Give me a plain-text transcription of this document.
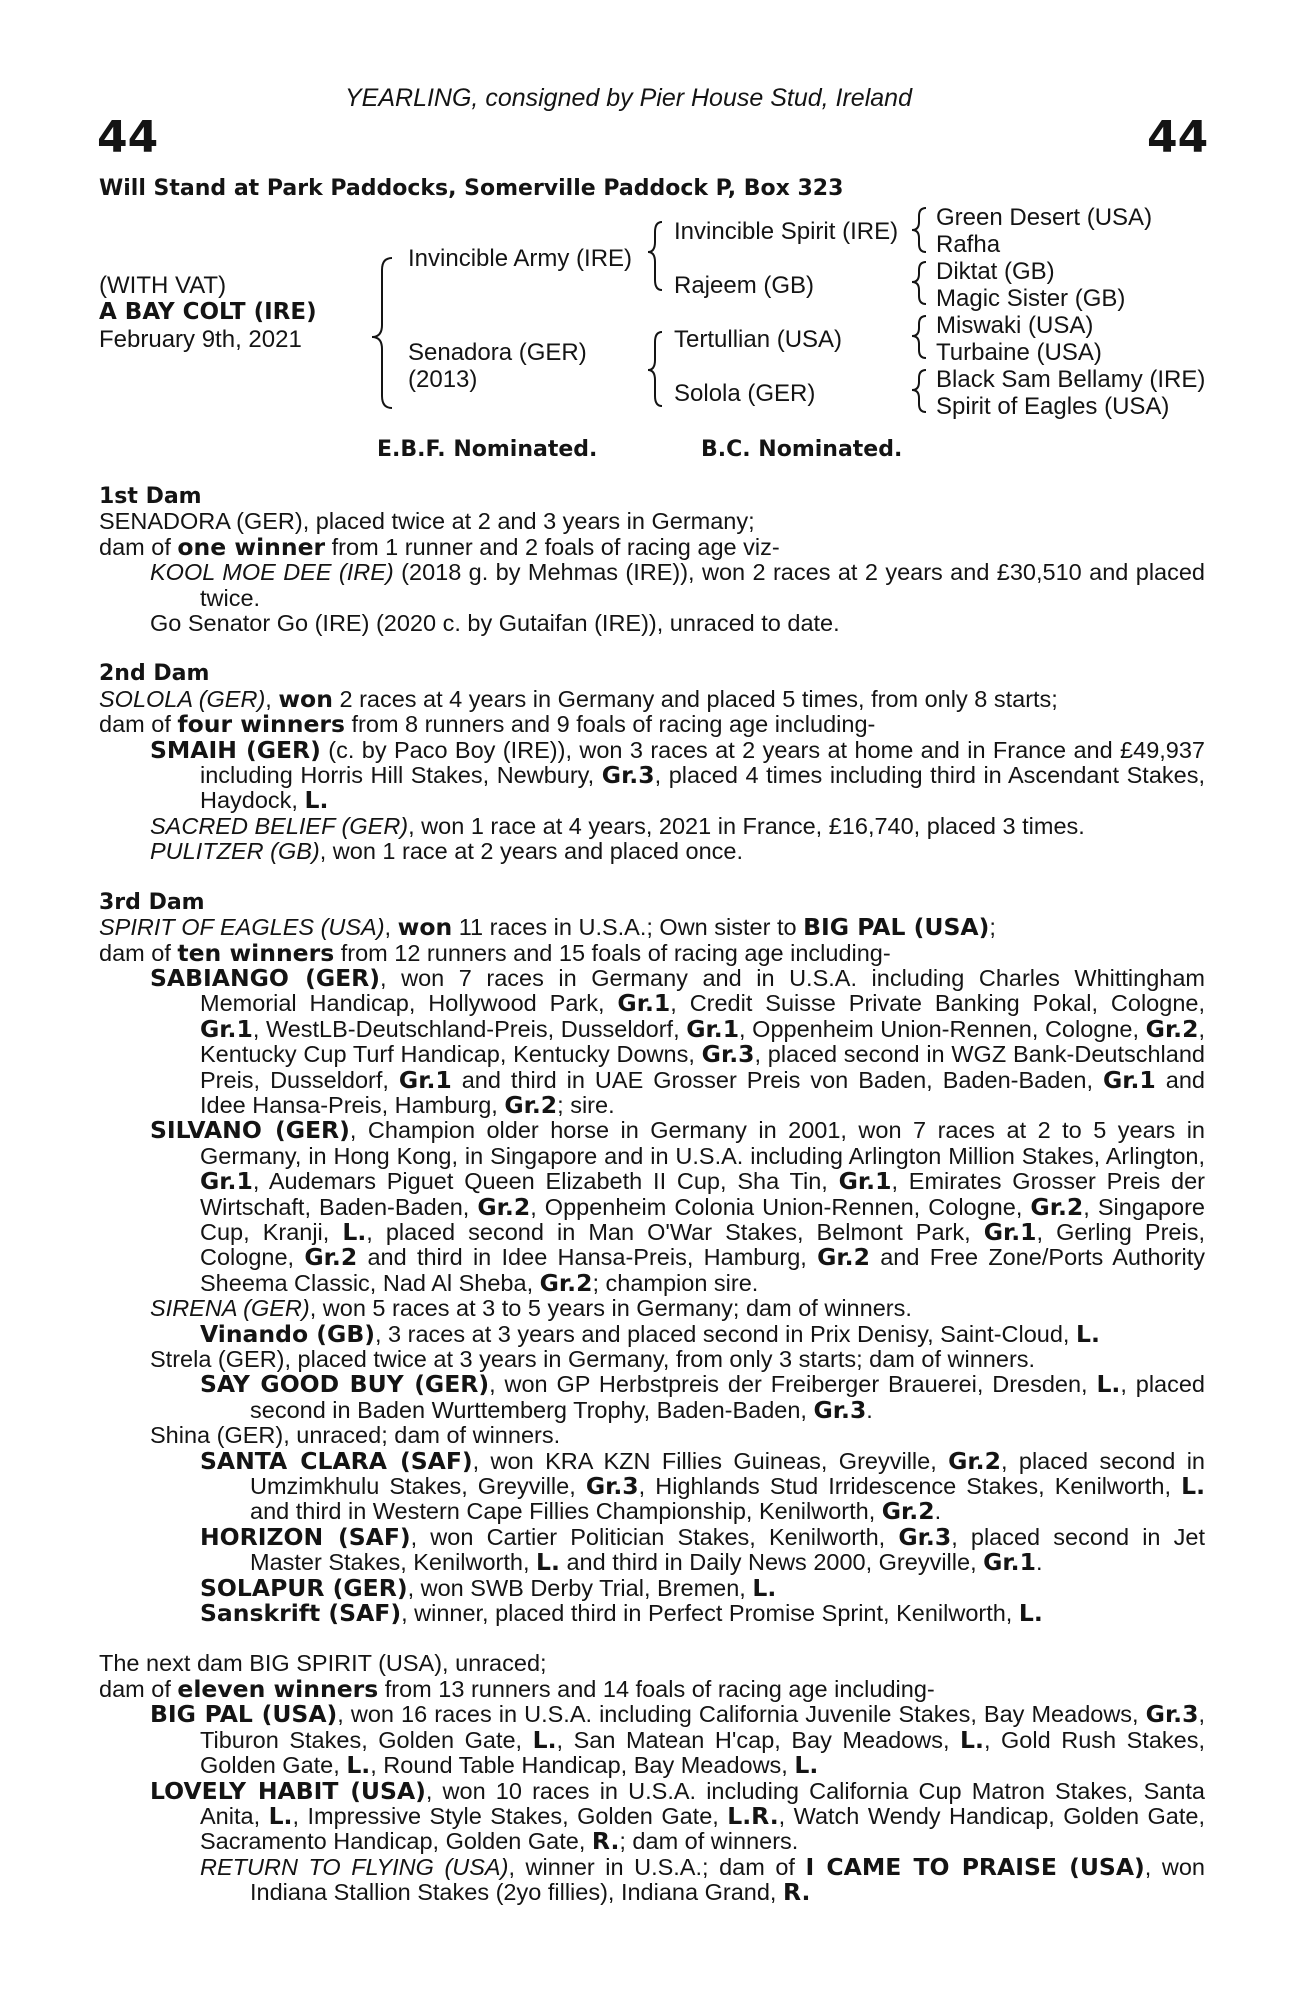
YEARLING, consigned by Pier House Stud, Ireland
44	44
Will Stand at Park Paddocks, Somerville Paddock P, Box 323
(WITH VAT)
A BAY COLT (IRE)
February 9th, 2021
Invincible Army (IRE)
Senadora (GER)
(2013)
Invincible Spirit (IRE)
Rajeem (GB)
Tertullian (USA)
Solola (GER)
Green Desert (USA)
Rafha
Diktat (GB)
Magic Sister (GB)
Miswaki (USA)
Turbaine (USA)
Black Sam Bellamy (IRE)
Spirit of Eagles (USA)
E.B.F. Nominated.	B.C. Nominated.
1st Dam

SENADORA (GER), placed twice at 2 and 3 years in Germany;

dam of one winner from 1 runner and 2 foals of racing age viz-

KOOL MOE DEE (IRE) (2018 g. by Mehmas (IRE)), won 2 races at 2 years and £30,510 and placed twice.

Go Senator Go (IRE) (2020 c. by Gutaifan (IRE)), unraced to date.

2nd Dam

SOLOLA (GER), won 2 races at 4 years in Germany and placed 5 times, from only 8 starts;

dam of four winners from 8 runners and 9 foals of racing age including-

SMAIH (GER) (c. by Paco Boy (IRE)), won 3 races at 2 years at home and in France and £49,937 including Horris Hill Stakes, Newbury, Gr.3, placed 4 times including third in Ascendant Stakes, Haydock, L.

SACRED BELIEF (GER), won 1 race at 4 years, 2021 in France, £16,740, placed 3 times.

PULITZER (GB), won 1 race at 2 years and placed once.

3rd Dam

SPIRIT OF EAGLES (USA), won 11 races in U.S.A.; Own sister to BIG PAL (USA);

dam of ten winners from 12 runners and 15 foals of racing age including-

SABIANGO (GER), won 7 races in Germany and in U.S.A. including Charles Whittingham Memorial Handicap, Hollywood Park, Gr.1, Credit Suisse Private Banking Pokal, Cologne, Gr.1, WestLB-Deutschland-Preis, Dusseldorf, Gr.1, Oppenheim Union-Rennen, Cologne, Gr.2, Kentucky Cup Turf Handicap, Kentucky Downs, Gr.3, placed second in WGZ Bank-Deutschland Preis, Dusseldorf, Gr.1 and third in UAE Grosser Preis von Baden, Baden-Baden, Gr.1 and Idee Hansa-Preis, Hamburg, Gr.2; sire.

SILVANO (GER), Champion older horse in Germany in 2001, won 7 races at 2 to 5 years in Germany, in Hong Kong, in Singapore and in U.S.A. including Arlington Million Stakes, Arlington, Gr.1, Audemars Piguet Queen Elizabeth II Cup, Sha Tin, Gr.1, Emirates Grosser Preis der Wirtschaft, Baden-Baden, Gr.2, Oppenheim Colonia Union-Rennen, Cologne, Gr.2, Singapore Cup, Kranji, L., placed second in Man O'War Stakes, Belmont Park, Gr.1, Gerling Preis, Cologne, Gr.2 and third in Idee Hansa-Preis, Hamburg, Gr.2 and Free Zone/Ports Authority Sheema Classic, Nad Al Sheba, Gr.2; champion sire.

SIRENA (GER), won 5 races at 3 to 5 years in Germany; dam of winners.

Vinando (GB), 3 races at 3 years and placed second in Prix Denisy, Saint-Cloud, L.

Strela (GER), placed twice at 3 years in Germany, from only 3 starts; dam of winners.

SAY GOOD BUY (GER), won GP Herbstpreis der Freiberger Brauerei, Dresden, L., placed second in Baden Wurttemberg Trophy, Baden-Baden, Gr.3.

Shina (GER), unraced; dam of winners.

SANTA CLARA (SAF), won KRA KZN Fillies Guineas, Greyville, Gr.2, placed second in Umzimkhulu Stakes, Greyville, Gr.3, Highlands Stud Irridescence Stakes, Kenilworth, L. and third in Western Cape Fillies Championship, Kenilworth, Gr.2.

HORIZON (SAF), won Cartier Politician Stakes, Kenilworth, Gr.3, placed second in Jet Master Stakes, Kenilworth, L. and third in Daily News 2000, Greyville, Gr.1.

SOLAPUR (GER), won SWB Derby Trial, Bremen, L.

Sanskrift (SAF), winner, placed third in Perfect Promise Sprint, Kenilworth, L.

The next dam BIG SPIRIT (USA), unraced;

dam of eleven winners from 13 runners and 14 foals of racing age including-

BIG PAL (USA), won 16 races in U.S.A. including California Juvenile Stakes, Bay Meadows, Gr.3, Tiburon Stakes, Golden Gate, L., San Matean H'cap, Bay Meadows, L., Gold Rush Stakes, Golden Gate, L., Round Table Handicap, Bay Meadows, L.

LOVELY HABIT (USA), won 10 races in U.S.A. including California Cup Matron Stakes, Santa Anita, L., Impressive Style Stakes, Golden Gate, L.R., Watch Wendy Handicap, Golden Gate, Sacramento Handicap, Golden Gate, R.; dam of winners.

RETURN TO FLYING (USA), winner in U.S.A.; dam of I CAME TO PRAISE (USA), won Indiana Stallion Stakes (2yo fillies), Indiana Grand, R.
